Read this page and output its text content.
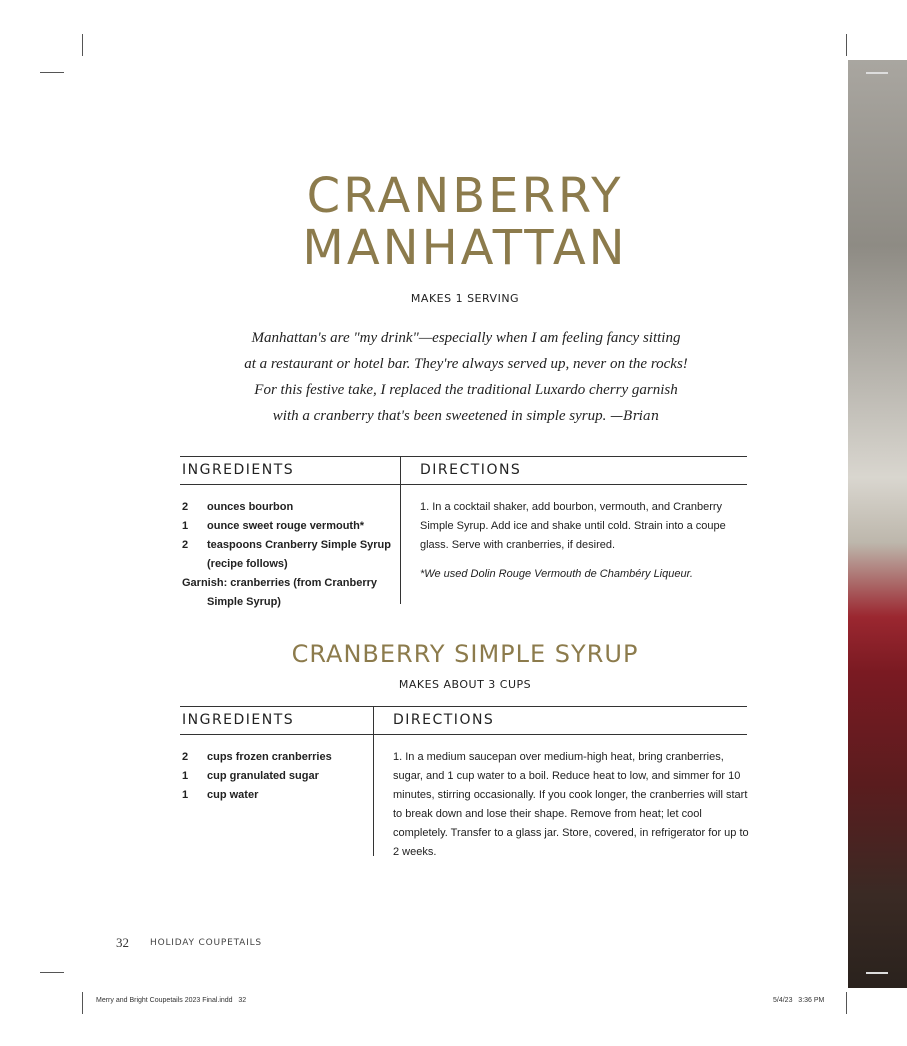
CRANBERRY
MANHATTAN
MAKES 1 SERVING
Manhattan's are "my drink"—especially when I am feeling fancy sitting
at a restaurant or hotel bar. They're always served up, never on the rocks!
For this festive take, I replaced the traditional Luxardo cherry garnish
with a cranberry that's been sweetened in simple syrup. —Brian
INGREDIENTS	DIRECTIONS
2	ounces bourbon
1	ounce sweet rouge vermouth*
2	teaspoons Cranberry Simple Syrup (recipe follows)
Garnish: cranberries (from Cranberry Simple Syrup)
1. In a cocktail shaker, add bourbon, vermouth, and Cranberry Simple Syrup. Add ice and shake until cold. Strain into a coupe glass. Serve with cranberries, if desired.
*We used Dolin Rouge Vermouth de Chambéry Liqueur.
CRANBERRY SIMPLE SYRUP
MAKES ABOUT 3 CUPS
INGREDIENTS	DIRECTIONS
2	cups frozen cranberries
1	cup granulated sugar
1	cup water
1. In a medium saucepan over medium-high heat, bring cranberries, sugar, and 1 cup water to a boil. Reduce heat to low, and simmer for 10 minutes, stirring occasionally. If you cook longer, the cranberries will start to break down and lose their shape. Remove from heat; let cool completely. Transfer to a glass jar. Store, covered, in refrigerator for up to 2 weeks.
32 HOLIDAY COUPETAILS
Merry and Bright Coupetails 2023 Final.indd   32	5/4/23   3:36 PM
